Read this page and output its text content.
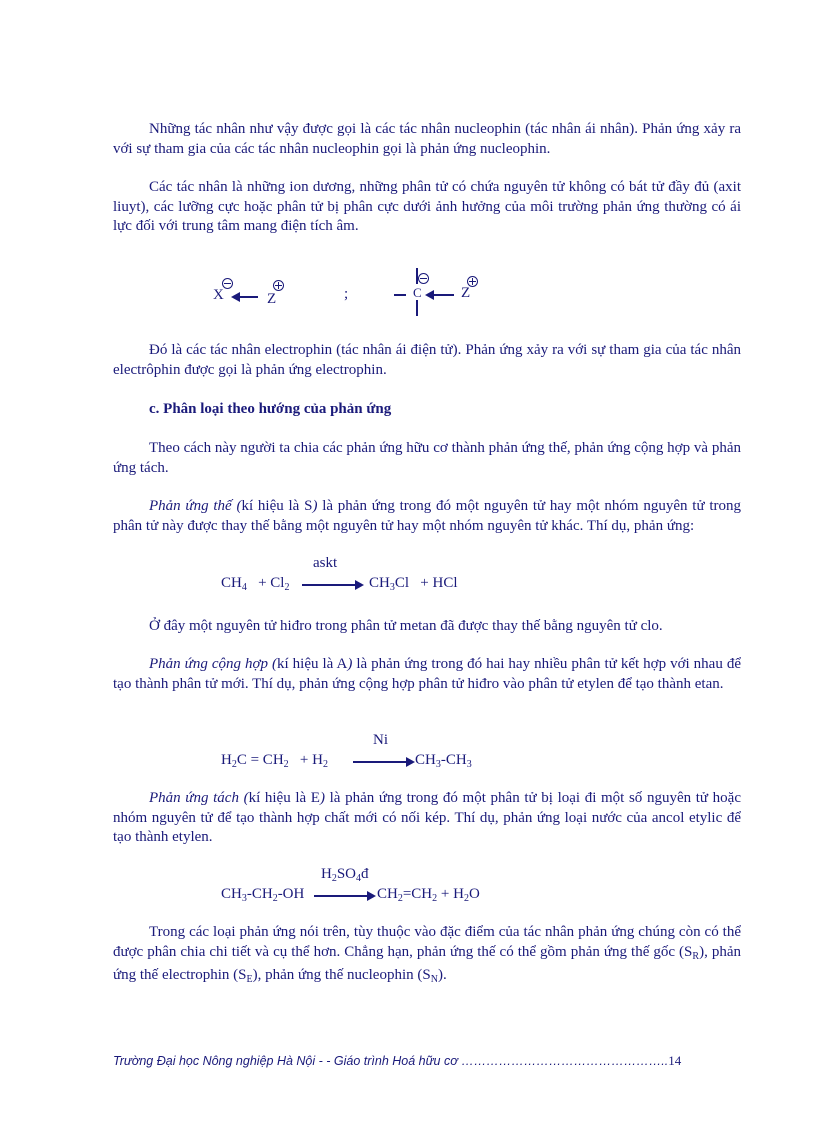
Những tác nhân như vậy được gọi là các tác nhân nucleophin (tác nhân ái nhân). Phản ứng xảy ra với sự tham gia của các tác nhân nucleophin gọi là phản ứng nucleophin.

Các tác nhân là những ion dương, những phân tử có chứa nguyên tử không có bát tử đầy đủ (axit liuyt), các lưỡng cực hoặc phân tử bị phân cực dưới ảnh hưởng của môi trường phản ứng thường có ái lực đối với trung tâm mang điện tích âm.

X	Z	;	C	Z

Đó là các tác nhân electrophin (tác nhân ái điện tử). Phản ứng xảy ra với sự tham gia của tác nhân electrôphin được gọi là phản ứng electrophin.

c. Phân loại theo hướng của phản ứng

Theo cách này người ta chia các phản ứng hữu cơ thành phản ứng thế, phản ứng cộng hợp và phản ứng tách.

Phản ứng thế (kí hiệu là S) là phản ứng trong đó một nguyên tử hay một nhóm nguyên tử trong phân tử này được thay thế bằng một nguyên tử hay một nhóm nguyên tử khác. Thí dụ, phản ứng:

askt
$CH_4 + Cl_2$	$CH_3Cl$ + HCl

Ở đây một nguyên tử hiđro trong phân tử metan đã được thay thế bằng nguyên tử clo.

Phản ứng cộng hợp (kí hiệu là A) là phản ứng trong đó hai hay nhiều phân tử kết hợp với nhau để tạo thành phân tử mới. Thí dụ, phản ứng cộng hợp phân tử hiđro vào phân tử etylen để tạo thành etan.

Ni
$H_2C = CH_2 + H_2$	$CH_3-CH_3$

Phản ứng tách (kí hiệu là E) là phản ứng trong đó một phân tử bị loại đi một số nguyên tử hoặc nhóm nguyên tử để tạo thành hợp chất mới có nối kép. Thí dụ, phản ứng loại nước của ancol etylic để tạo thành etylen.

$H_2SO_4đ$
$CH_3-CH_2-OH$	$CH_2=CH_2 + H_2O$

Trong các loại phản ứng nói trên, tùy thuộc vào đặc điểm của tác nhân phản ứng chúng còn có thể được phân chia chi tiết và cụ thể hơn. Chẳng hạn, phản ứng thế có thể gồm phản ứng thế gốc $(S_R)$, phản ứng thế electrophin $(S_E)$, phản ứng thế nucleophin $(S_N)$.

Trường Đại học Nông nghiệp Hà Nội - - Giáo trình Hoá hữu cơ …………………………………………..14
